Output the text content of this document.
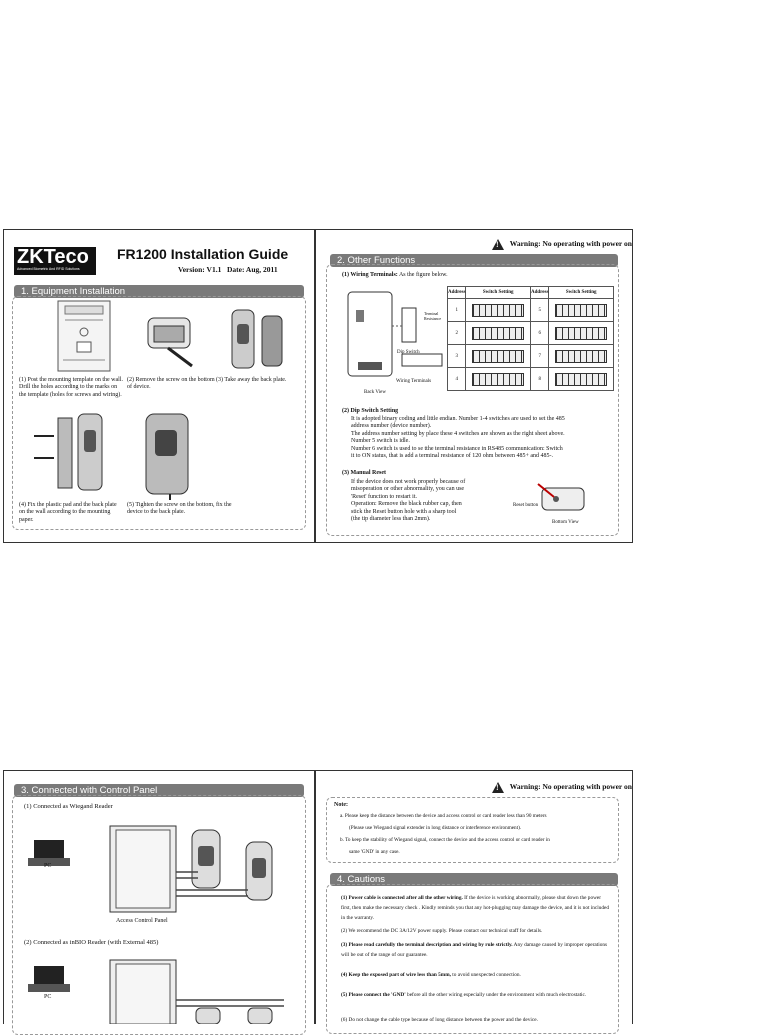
ZKTeco
Advanced Biometric And RFID Solutions
FR1200 Installation Guide
Version: V1.1 Date: Aug, 2011
1. Equipment Installation
(1) Post the mounting template on the wall. Drill the holes according to the marks on the template (holes for screws and wiring).
(2) Remove the screw on the bottom of device.
(3) Take away the back plate.
(4) Fix the plastic pad and the back plate on the wall according to the mounting paper.
(5) Tighten the screw on the bottom, fix the device to the back plate.
! Warning: No operating with power on
2. Other Functions
(1) Wiring Terminals: As the figure below.
Terminal Resistance
Dip Switch
Wiring Terminals
Back View
Address	Switch Setting	Address	Switch Setting
1		5	
2		6	
3		7	
4		8	
(2) Dip Switch Setting
It is adopted binary coding and little endian. Number 1-4 switches are used to set the 485
address number (device number).
The address number setting by place these 4 switches are shown as the right sheet above.
Number 5 switch is idle.
Number 6 switch is used to se tthe terminal resistance in RS485 communication: Switch
it to ON status, that is add a terminal resistance of 120 ohm between 485+ and 485-.
(3) Manual Reset
If the device does not work properly because of
misoperation or other abnormality, you can use
'Reset' function to restart it.
Operation: Remove the black rubber cap, then
stick the Reset button hole with a sharp tool
(the tip diameter less than 2mm).
Reset button
Bottom View
3. Connected with Control Panel
(1) Connected as Wiegand Reader
PC
Access Control Panel
(2) Connected as inBIO Reader (with External 485)
PC
! Warning: No operating with power on
Note:
a. Please keep the distance between the device and access control or card reader less than 90 meters
(Please use Wiegand signal extender in long distance or interference environment).
b. To keep the stability of Wiegand signal, connect the device and the access control or card reader in
same 'GND' in any case.
4. Cautions
(1) Power cable is connected after all the other wiring. If the device is working abnormally, please shut down the power first, then make the necessary check . Kindly reminds you that any hot-plugging may damage the device, and it is not included in the warranty.
(2) We recommend the DC 3A/12V power supply. Please contact our technical staff for details.
(3) Please read carefully the terminal description and wiring by rule strictly. Any damage caused by improper operations will be out of the range of our guarantee.
(4) Keep the exposed part of wire less than 5mm, to avoid unexpected connection.
(5) Please connect the 'GND' before all the other wiring especially under the environment with much electrostatic.
(6) Do not change the cable type because of long distance between the power and the device.
